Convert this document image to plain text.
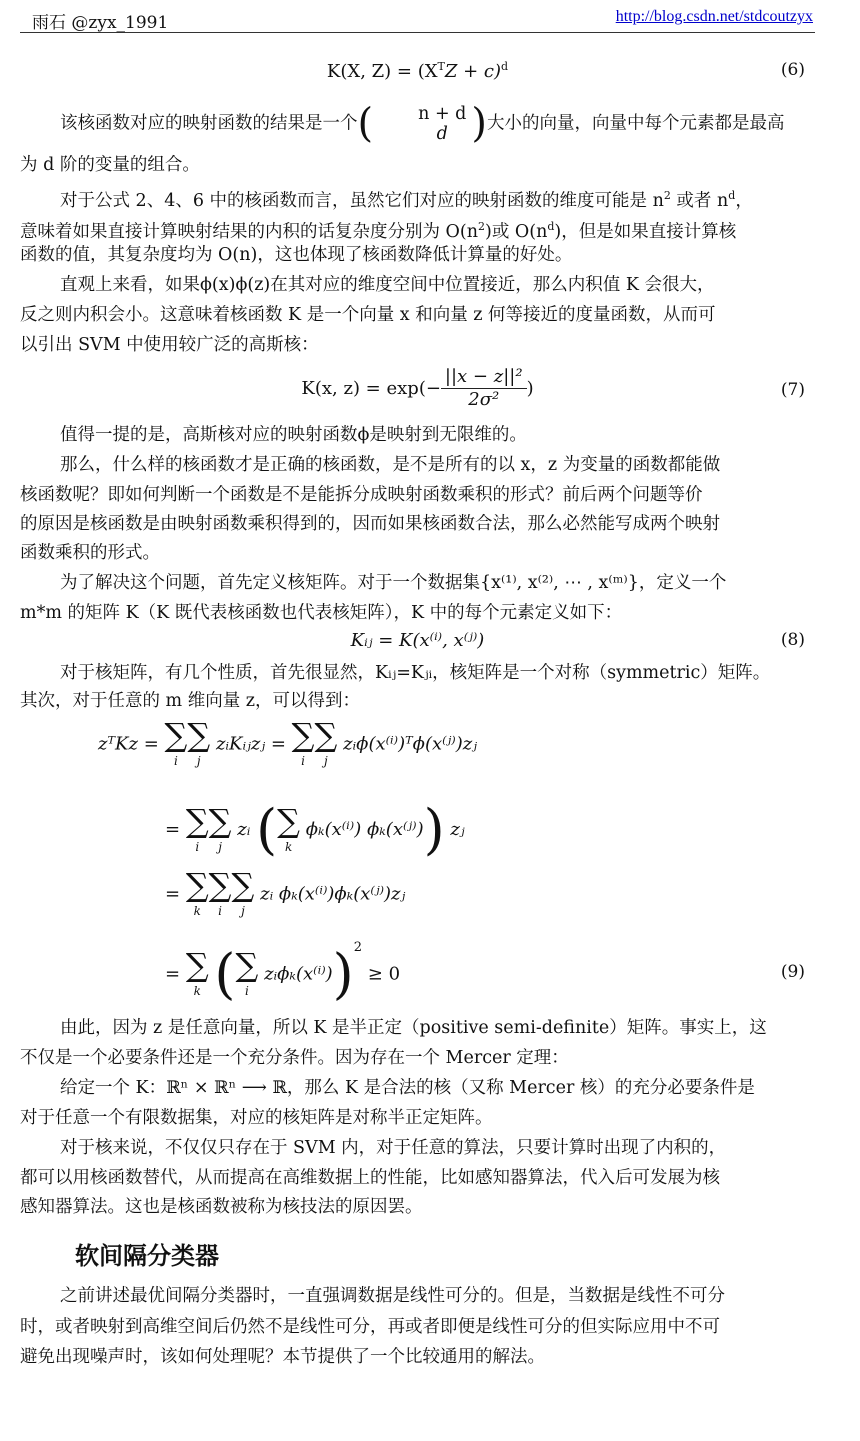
雨石 @zyx_1991	http://blog.csdn.net/stdcoutzyx
K(X, $Z) = (X^TZ + c)^d$	(6)
该核函数对应的映射函数的结果是一个(	n + d
d )大小的向量，向量中每个元素都是最高
为 d 阶的变量的组合。
对于公式 2、4、6 中的核函数而言，虽然它们对应的映射函数的维度可能是 $n^2$ 或者 $n^d$，
意味着如果直接计算映射结果的内积的话复杂度分别为 $O(n^2)$或 $O(n^d)$，但是如果直接计算核
函数的值，其复杂度均为 O(n)，这也体现了核函数降低计算量的好处。
直观上来看，如果ϕ(x)ϕ(z)在其对应的维度空间中位置接近，那么内积值 K 会很大，
反之则内积会小。这意味着核函数 K 是一个向量 x 和向量 z 何等接近的度量函数，从而可
以引出 SVM 中使用较广泛的高斯核：
K(x, $z) = \exp(- \frac{\text{||x − z||²}}{\text{2σ²}}$ )	(7)
值得一提的是，高斯核对应的映射函数ϕ是映射到无限维的。
那么，什么样的核函数才是正确的核函数，是不是所有的以 x，z 为变量的函数都能做
核函数呢？即如何判断一个函数是不是能拆分成映射函数乘积的形式？前后两个问题等价
的原因是核函数是由映射函数乘积得到的，因而如果核函数合法，那么必然能写成两个映射
函数乘积的形式。
为了解决这个问题，首先定义核矩阵。对于一个数据集{x⁽¹⁾, x⁽²⁾, ⋯ , x⁽ᵐ⁾}，定义一个
m*m 的矩阵 K（K 既代表核函数也代表核矩阵），K 中的每个元素定义如下：
Kᵢⱼ = K(x⁽ⁱ⁾, x⁽ʲ⁾)	(8)
对于核矩阵，有几个性质，首先很显然，Kᵢⱼ=Kⱼᵢ，核矩阵是一个对称（symmetric）矩阵。
其次，对于任意的 m 维向量 z，可以得到：
zᵀKz = ∑
i
∑
j
zᵢKᵢⱼzⱼ = ∑
i
∑
j
zᵢϕ(x⁽ⁱ⁾)ᵀϕ(x⁽ʲ⁾)zⱼ
= ∑
i
∑
j
zᵢ ( ∑
k
ϕₖ(x⁽ⁱ⁾) ϕₖ(x⁽ʲ⁾)) zⱼ
= ∑
k
∑
i
∑
j
zᵢ ϕₖ(x⁽ⁱ⁾)ϕₖ(x⁽ʲ⁾)zⱼ
= ∑
k ( ∑
i
zᵢϕₖ(x⁽ⁱ⁾))$^2$ ≥ 0	(9)
由此，因为 z 是任意向量，所以 K 是半正定（positive semi-definite）矩阵。事实上，这
不仅是一个必要条件还是一个充分条件。因为存在一个 Mercer 定理：
给定一个 K：ℝⁿ × ℝⁿ ⟶ ℝ，那么 K 是合法的核（又称 Mercer 核）的充分必要条件是
对于任意一个有限数据集，对应的核矩阵是对称半正定矩阵。
对于核来说，不仅仅只存在于 SVM 内，对于任意的算法，只要计算时出现了内积的，
都可以用核函数替代，从而提高在高维数据上的性能，比如感知器算法，代入后可发展为核
感知器算法。这也是核函数被称为核技法的原因罢。
软间隔分类器
之前讲述最优间隔分类器时，一直强调数据是线性可分的。但是，当数据是线性不可分
时，或者映射到高维空间后仍然不是线性可分，再或者即便是线性可分的但实际应用中不可
避免出现噪声时，该如何处理呢？本节提供了一个比较通用的解法。
